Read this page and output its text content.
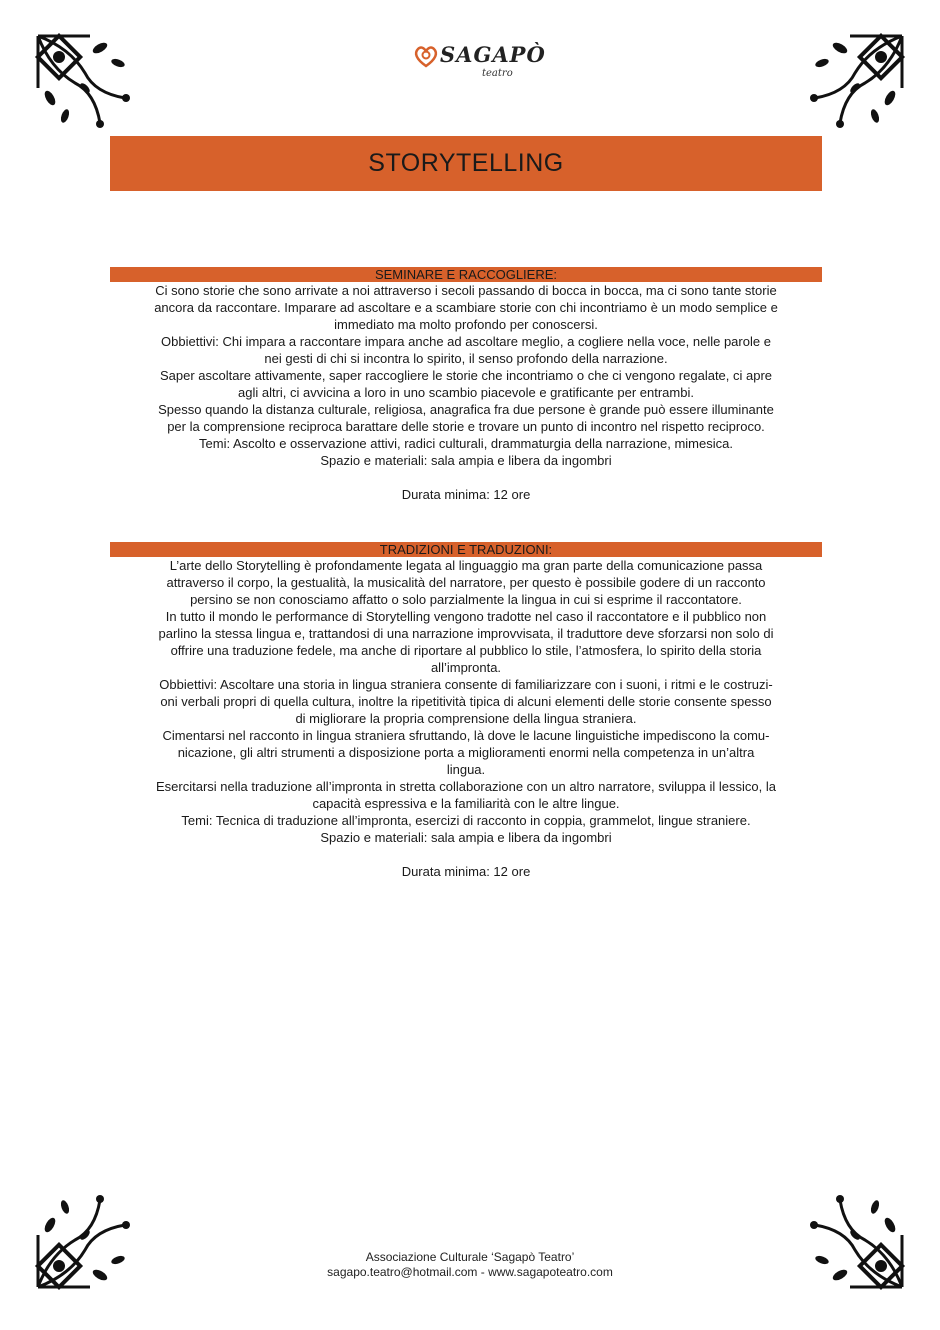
SAGAPÒ
teatro
STORYTELLING
SEMINARE E RACCOGLIERE:

Ci sono storie che sono arrivate a noi attraverso i secoli passando di bocca in bocca, ma ci sono tante storie

ancora da raccontare. Imparare ad ascoltare e a scambiare storie con chi incontriamo è un modo semplice e

immediato ma molto profondo per conoscersi.

Obbiettivi: Chi impara a raccontare impara anche ad ascoltare meglio, a cogliere nella voce, nelle parole e

nei gesti di chi si incontra lo spirito, il senso profondo della narrazione.

Saper ascoltare attivamente, saper raccogliere le storie che incontriamo o che ci vengono regalate, ci apre

agli altri, ci avvicina a loro in uno scambio piacevole e gratificante per entrambi.

Spesso quando la distanza culturale, religiosa, anagrafica fra due persone è grande può essere illuminante

per la comprensione reciproca barattare delle storie e trovare un punto di incontro nel rispetto reciproco.

Temi: Ascolto e osservazione attivi, radici culturali, drammaturgia della narrazione, mimesica.

Spazio e materiali: sala ampia e libera da ingombri

Durata minima: 12 ore

TRADIZIONI E TRADUZIONI:

L’arte dello Storytelling è profondamente legata al linguaggio ma gran parte della comunicazione passa

attraverso il corpo, la gestualità, la musicalità del narratore, per questo è possibile godere di un racconto

persino se non conosciamo affatto o solo parzialmente la lingua in cui si esprime il raccontatore.

In tutto il mondo le performance di Storytelling vengono tradotte nel caso il raccontatore e il pubblico non

parlino la stessa lingua e, trattandosi di una narrazione improvvisata, il traduttore deve sforzarsi non solo di

offrire una traduzione fedele, ma anche di riportare al pubblico lo stile, l’atmosfera, lo spirito della storia

all’impronta.

Obbiettivi: Ascoltare una storia in lingua straniera consente di familiarizzare con i suoni, i ritmi e le costruzi-

oni verbali propri di quella cultura, inoltre la ripetitività tipica di alcuni elementi delle storie consente spesso

di migliorare la propria comprensione della lingua straniera.

Cimentarsi nel racconto in lingua straniera sfruttando, là dove le lacune linguistiche impediscono la comu-

nicazione, gli altri strumenti a disposizione porta a miglioramenti enormi nella competenza in un’altra

lingua.

Esercitarsi nella traduzione all’impronta in stretta collaborazione con un altro narratore, sviluppa il lessico, la

capacità espressiva e la familiarità con le altre lingue.

Temi: Tecnica di traduzione all’impronta, esercizi di racconto in coppia, grammelot, lingue straniere.

Spazio e materiali: sala ampia e libera da ingombri

Durata minima: 12 ore

Associazione Culturale ‘Sagapò Teatro’
sagapo.teatro@hotmail.com - www.sagapoteatro.com
